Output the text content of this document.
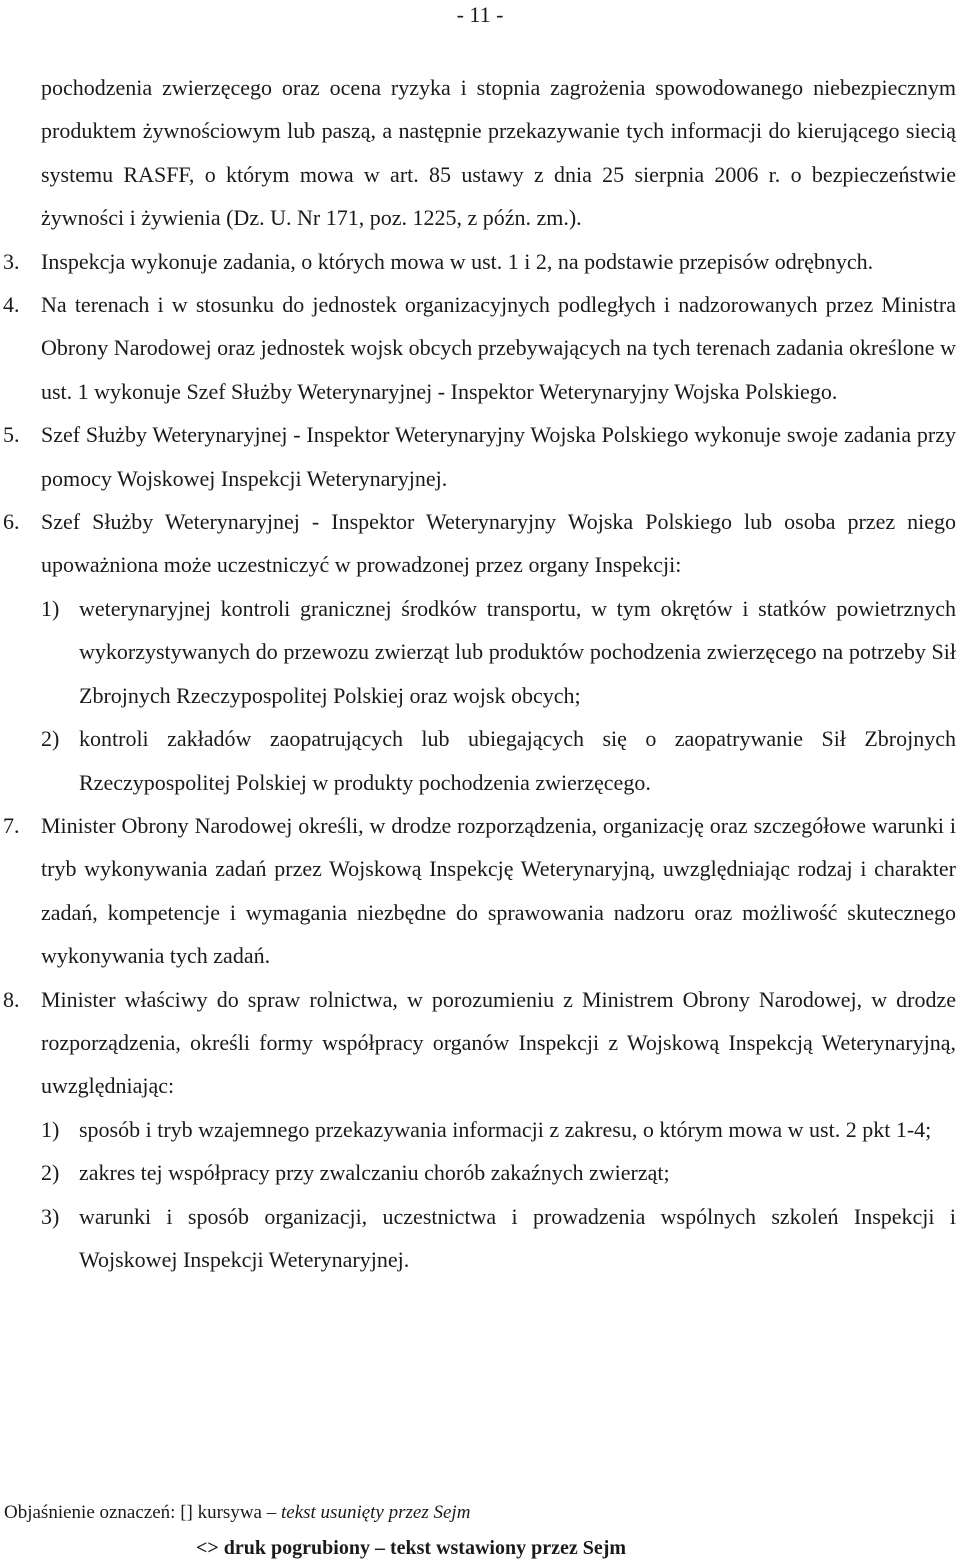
- 11 -

pochodzenia zwierzęcego oraz ocena ryzyka i stopnia zagrożenia spowodowanego niebezpiecznym produktem żywnościowym lub paszą, a następnie przekazywanie tych informacji do kierującego siecią systemu RASFF, o którym mowa w art. 85 ustawy z dnia 25 sierpnia 2006 r. o bezpieczeństwie żywności i żywienia (Dz. U. Nr 171, poz. 1225, z późn. zm.).

3. Inspekcja wykonuje zadania, o których mowa w ust. 1 i 2, na podstawie przepisów odrębnych.

4. Na terenach i w stosunku do jednostek organizacyjnych podległych i nadzorowanych przez Ministra Obrony Narodowej oraz jednostek wojsk obcych przebywających na tych terenach zadania określone w ust. 1 wykonuje Szef Służby Weterynaryjnej - Inspektor Weterynaryjny Wojska Polskiego.

5. Szef Służby Weterynaryjnej - Inspektor Weterynaryjny Wojska Polskiego wykonuje swoje zadania przy pomocy Wojskowej Inspekcji Weterynaryjnej.

6. Szef Służby Weterynaryjnej - Inspektor Weterynaryjny Wojska Polskiego lub osoba przez niego upoważniona może uczestniczyć w prowadzonej przez organy Inspekcji:

1) weterynaryjnej kontroli granicznej środków transportu, w tym okrętów i statków powietrznych wykorzystywanych do przewozu zwierząt lub produktów pochodzenia zwierzęcego na potrzeby Sił Zbrojnych Rzeczypospolitej Polskiej oraz wojsk obcych;

2) kontroli zakładów zaopatrujących lub ubiegających się o zaopatrywanie Sił Zbrojnych Rzeczypospolitej Polskiej w produkty pochodzenia zwierzęcego.

7. Minister Obrony Narodowej określi, w drodze rozporządzenia, organizację oraz szczegółowe warunki i tryb wykonywania zadań przez Wojskową Inspekcję Weterynaryjną, uwzględniając rodzaj i charakter zadań, kompetencje i wymagania niezbędne do sprawowania nadzoru oraz możliwość skutecznego wykonywania tych zadań.

8. Minister właściwy do spraw rolnictwa, w porozumieniu z Ministrem Obrony Narodowej, w drodze rozporządzenia, określi formy współpracy organów Inspekcji z Wojskową Inspekcją Weterynaryjną, uwzględniając:

1) sposób i tryb wzajemnego przekazywania informacji z zakresu, o którym mowa w ust. 2 pkt 1-4;

2) zakres tej współpracy przy zwalczaniu chorób zakaźnych zwierząt;

3) warunki i sposób organizacji, uczestnictwa i prowadzenia wspólnych szkoleń Inspekcji i Wojskowej Inspekcji Weterynaryjnej.

Objaśnienie oznaczeń: [] kursywa – tekst usunięty przez Sejm
<> druk pogrubiony – tekst wstawiony przez Sejm
